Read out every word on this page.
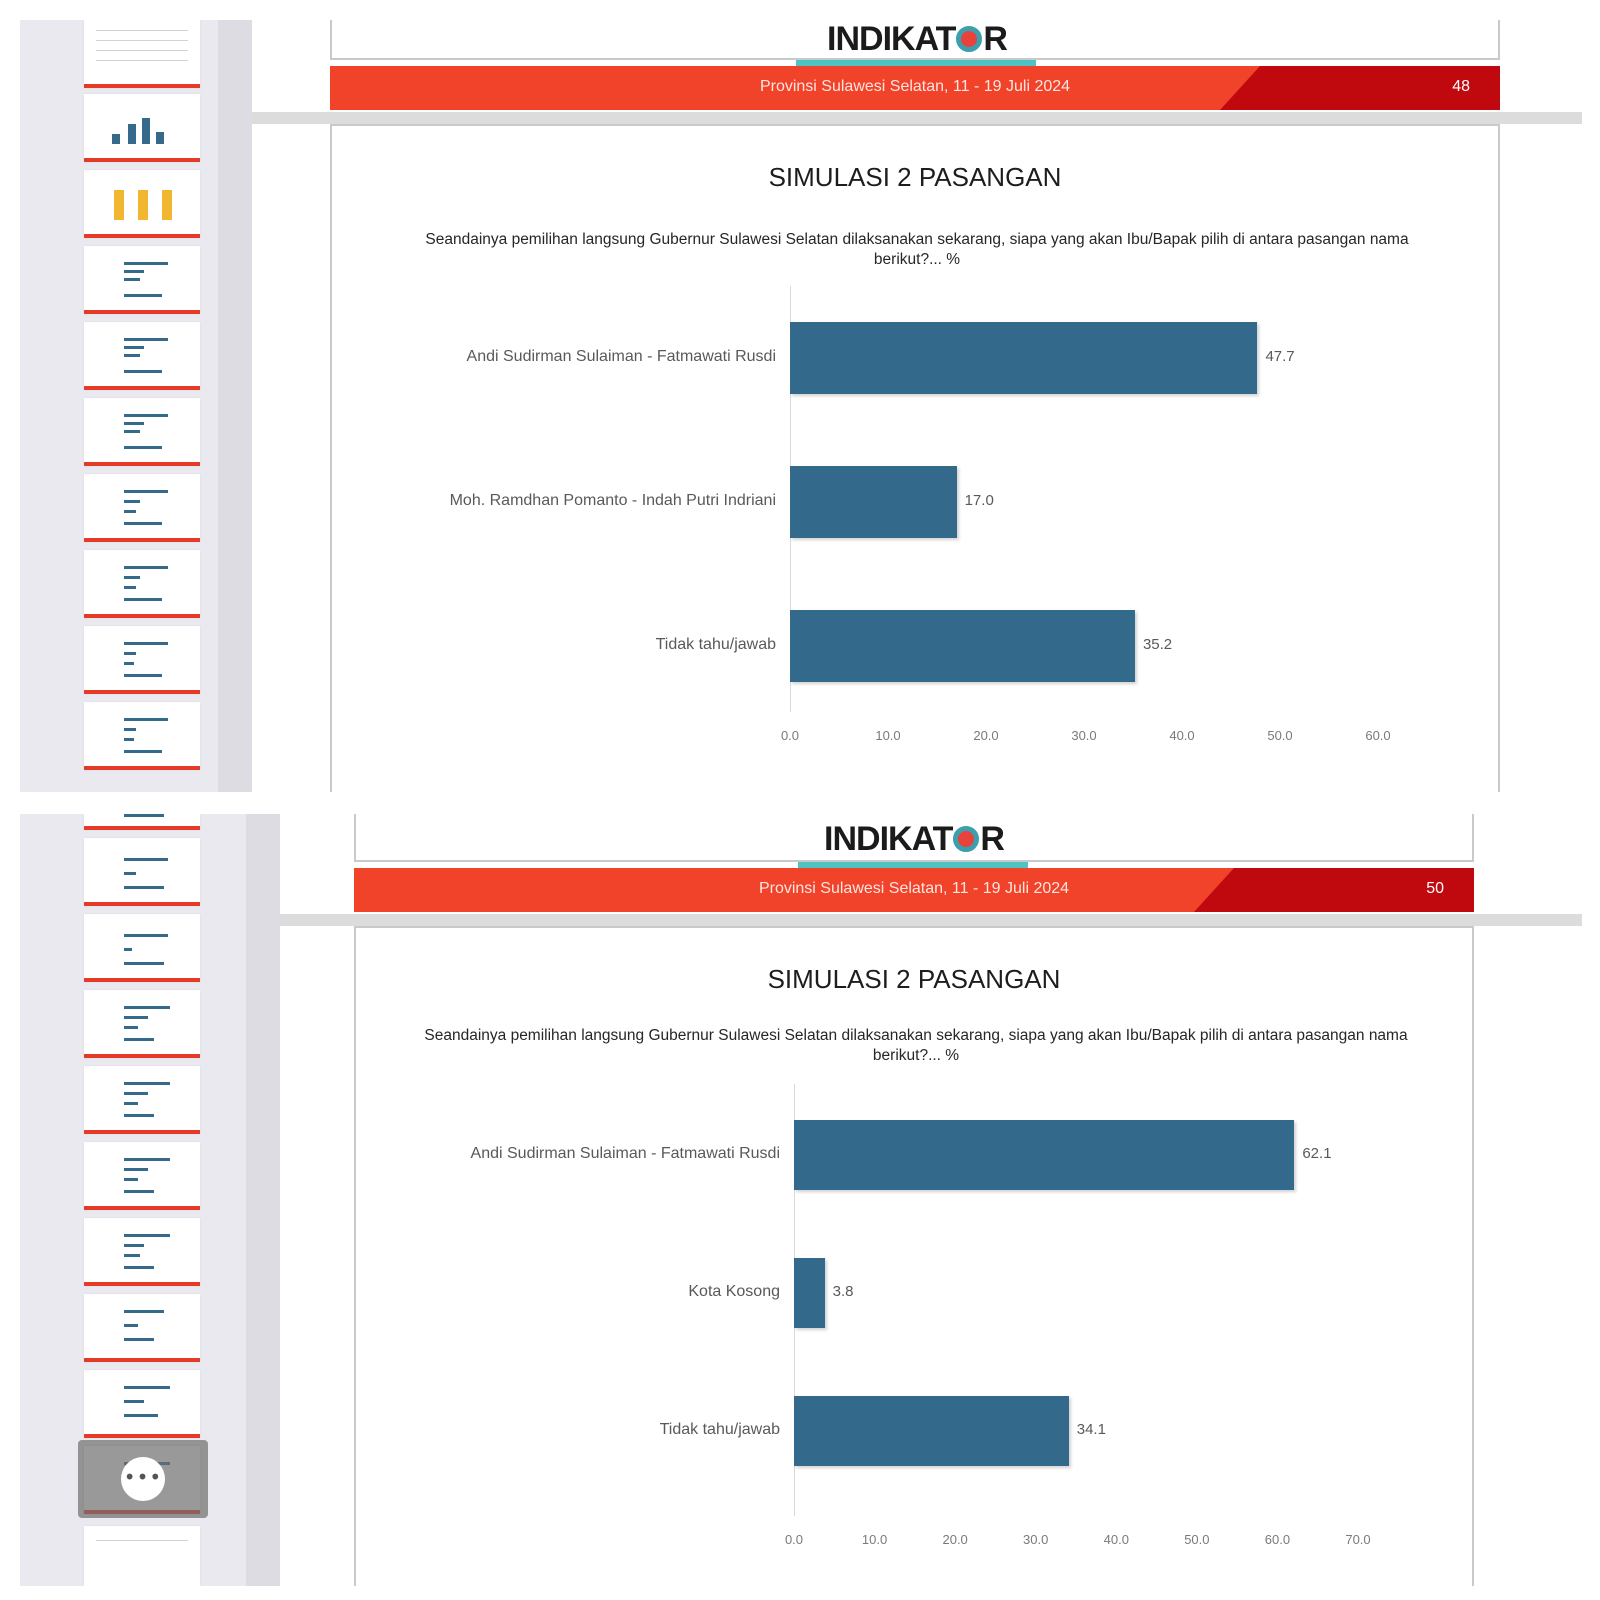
INDIKAT R
Provinsi Sulawesi Selatan, 11 - 19 Juli 2024	48
SIMULASI 2 PASANGAN
Seandainya pemilihan langsung Gubernur Sulawesi Selatan dilaksanakan sekarang, siapa yang akan Ibu/Bapak pilih di antara pasangan nama berikut?... %
Andi Sudirman Sulaiman - Fatmawati Rusdi	47.7
Moh. Ramdhan Pomanto - Indah Putri Indriani	17.0
Tidak tahu/jawab	35.2
0.0	10.0	20.0	30.0	40.0	50.0	60.0
•••
INDIKAT R
Provinsi Sulawesi Selatan, 11 - 19 Juli 2024	50
SIMULASI 2 PASANGAN
Seandainya pemilihan langsung Gubernur Sulawesi Selatan dilaksanakan sekarang, siapa yang akan Ibu/Bapak pilih di antara pasangan nama berikut?... %
Andi Sudirman Sulaiman - Fatmawati Rusdi	62.1
Kota Kosong	3.8
Tidak tahu/jawab	34.1
0.0	10.0	20.0	30.0	40.0	50.0	60.0	70.0
